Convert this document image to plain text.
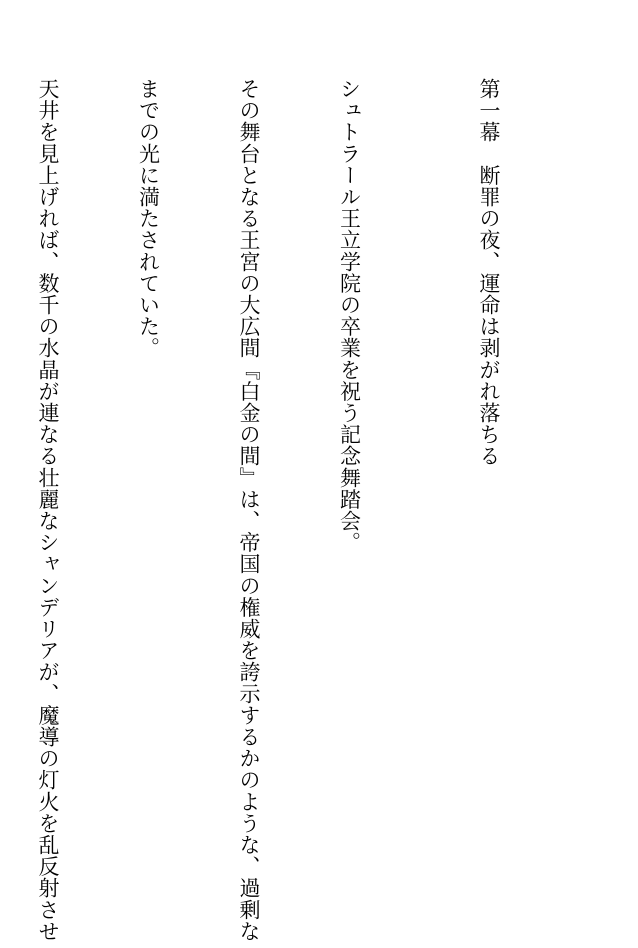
第一幕　断罪の夜、運命は剥がれ落ちる

シュトラール王立学院の卒業を祝う記念舞踏会。

その舞台となる王宮の大広間『白金の間』は、帝国の権威を誇示するかのような、過剰な

までの光に満たされていた。

天井を見上げれば、数千の水晶が連なる壮麗なシャンデリアが、魔導の灯火を乱反射させ
